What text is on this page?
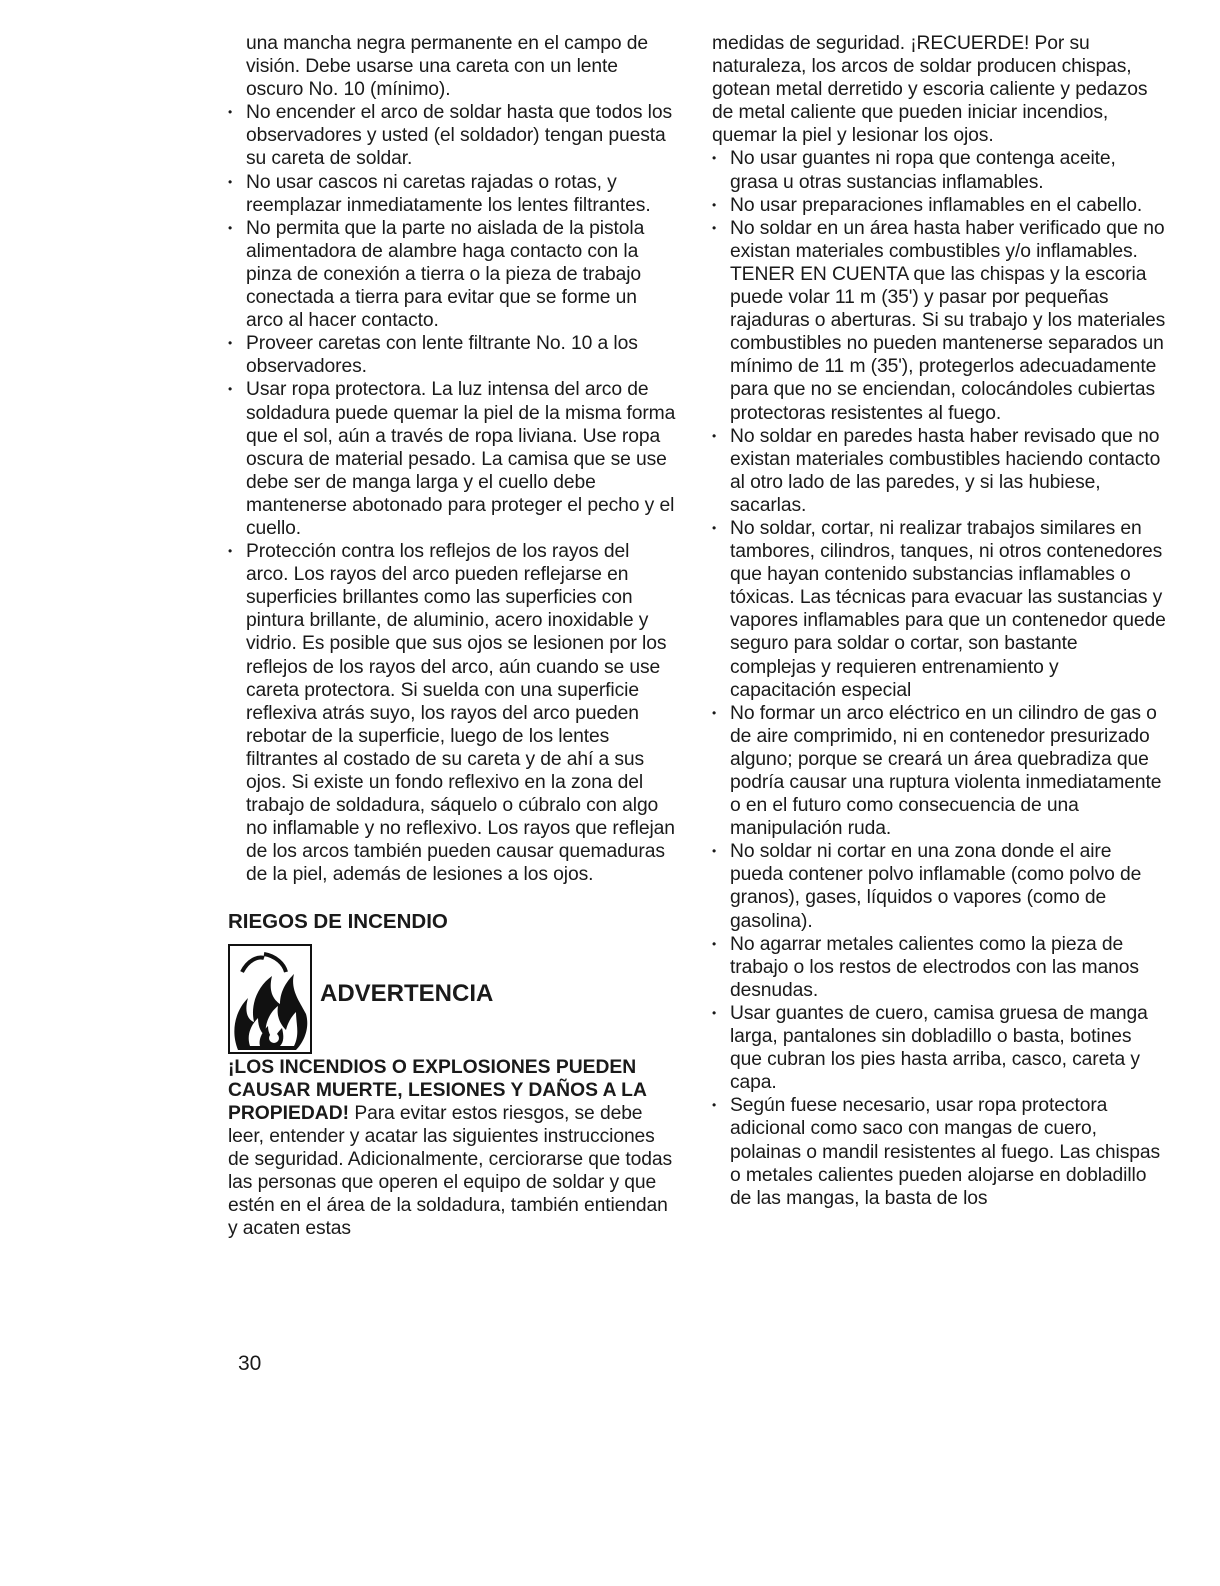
una mancha negra permanente en el campo de visión. Debe usarse una careta con un lente oscuro No. 10 (mínimo).

• No encender el arco de soldar hasta que todos los observadores y usted (el soldador) tengan puesta su careta de soldar.
• No usar cascos ni caretas rajadas o rotas, y reemplazar inmediatamente los lentes filtrantes.
• No permita que la parte no aislada de la pistola alimentadora de alambre haga contacto con la pinza de conexión a tierra o la pieza de trabajo conectada a tierra para evitar que se forme un arco al hacer contacto.
• Proveer caretas con lente filtrante No. 10 a los observadores.
• Usar ropa protectora. La luz intensa del arco de soldadura puede quemar la piel de la misma forma que el sol, aún a través de ropa liviana. Use ropa oscura de material pesado. La camisa que se use debe ser de manga larga y el cuello debe mantenerse abotonado para proteger el pecho y el cuello.
• Protección contra los reflejos de los rayos del arco. Los rayos del arco pueden reflejarse en superficies brillantes como las superficies con pintura brillante, de aluminio, acero inoxidable y vidrio. Es posible que sus ojos se lesionen por los reflejos de los rayos del arco, aún cuando se use careta protectora. Si suelda con una superficie reflexiva atrás suyo, los rayos del arco pueden rebotar de la superficie, luego de los lentes filtrantes al costado de su careta y de ahí a sus ojos. Si existe un fondo reflexivo en la zona del trabajo de soldadura, sáquelo o cúbralo con algo no inflamable y no reflexivo. Los rayos que reflejan de los arcos también pueden causar quemaduras de la piel, además de lesiones a los ojos.
RIEGOS DE INCENDIO
ADVERTENCIA

¡LOS INCENDIOS O EXPLOSIONES PUEDEN CAUSAR MUERTE, LESIONES Y DAÑOS A LA PROPIEDAD! Para evitar estos riesgos, se debe leer, entender y acatar las siguientes instrucciones de seguridad. Adicionalmente, cerciorarse que todas las personas que operen el equipo de soldar y que estén en el área de la soldadura, también entiendan y acaten estas

medidas de seguridad. ¡RECUERDE! Por su naturaleza, los arcos de soldar producen chispas, gotean metal derretido y escoria caliente y pedazos de metal caliente que pueden iniciar incendios, quemar la piel y lesionar los ojos.

• No usar guantes ni ropa que contenga aceite, grasa u otras sustancias inflamables.
• No usar preparaciones inflamables en el cabello.
• No soldar en un área hasta haber verificado que no existan materiales combustibles y/o inflamables. TENER EN CUENTA que las chispas y la escoria puede volar 11 m (35') y pasar por pequeñas rajaduras o aberturas. Si su trabajo y los materiales combustibles no pueden mantenerse separados un mínimo de 11 m (35'), protegerlos adecuadamente para que no se enciendan, colocándoles cubiertas protectoras resistentes al fuego.
• No soldar en paredes hasta haber revisado que no existan materiales combustibles haciendo contacto al otro lado de las paredes, y si las hubiese, sacarlas.
• No soldar, cortar, ni realizar trabajos similares en tambores, cilindros, tanques, ni otros contenedores que hayan contenido substancias inflamables o tóxicas. Las técnicas para evacuar las sustancias y vapores inflamables para que un contenedor quede seguro para soldar o cortar, son bastante complejas y requieren entrenamiento y capacitación especial
• No formar un arco eléctrico en un cilindro de gas o de aire comprimido, ni en contenedor presurizado alguno; porque se creará un área quebradiza que podría causar una ruptura violenta inmediatamente o en el futuro como consecuencia de una manipulación ruda.
• No soldar ni cortar en una zona donde el aire pueda contener polvo inflamable (como polvo de granos), gases, líquidos o vapores (como de gasolina).
• No agarrar metales calientes como la pieza de trabajo o los restos de electrodos con las manos desnudas.
• Usar guantes de cuero, camisa gruesa de manga larga, pantalones sin dobladillo o basta, botines que cubran los pies hasta arriba, casco, careta y capa.
• Según fuese necesario, usar ropa protectora adicional como saco con mangas de cuero, polainas o mandil resistentes al fuego. Las chispas o metales calientes pueden alojarse en dobladillo de las mangas, la basta de los
30
